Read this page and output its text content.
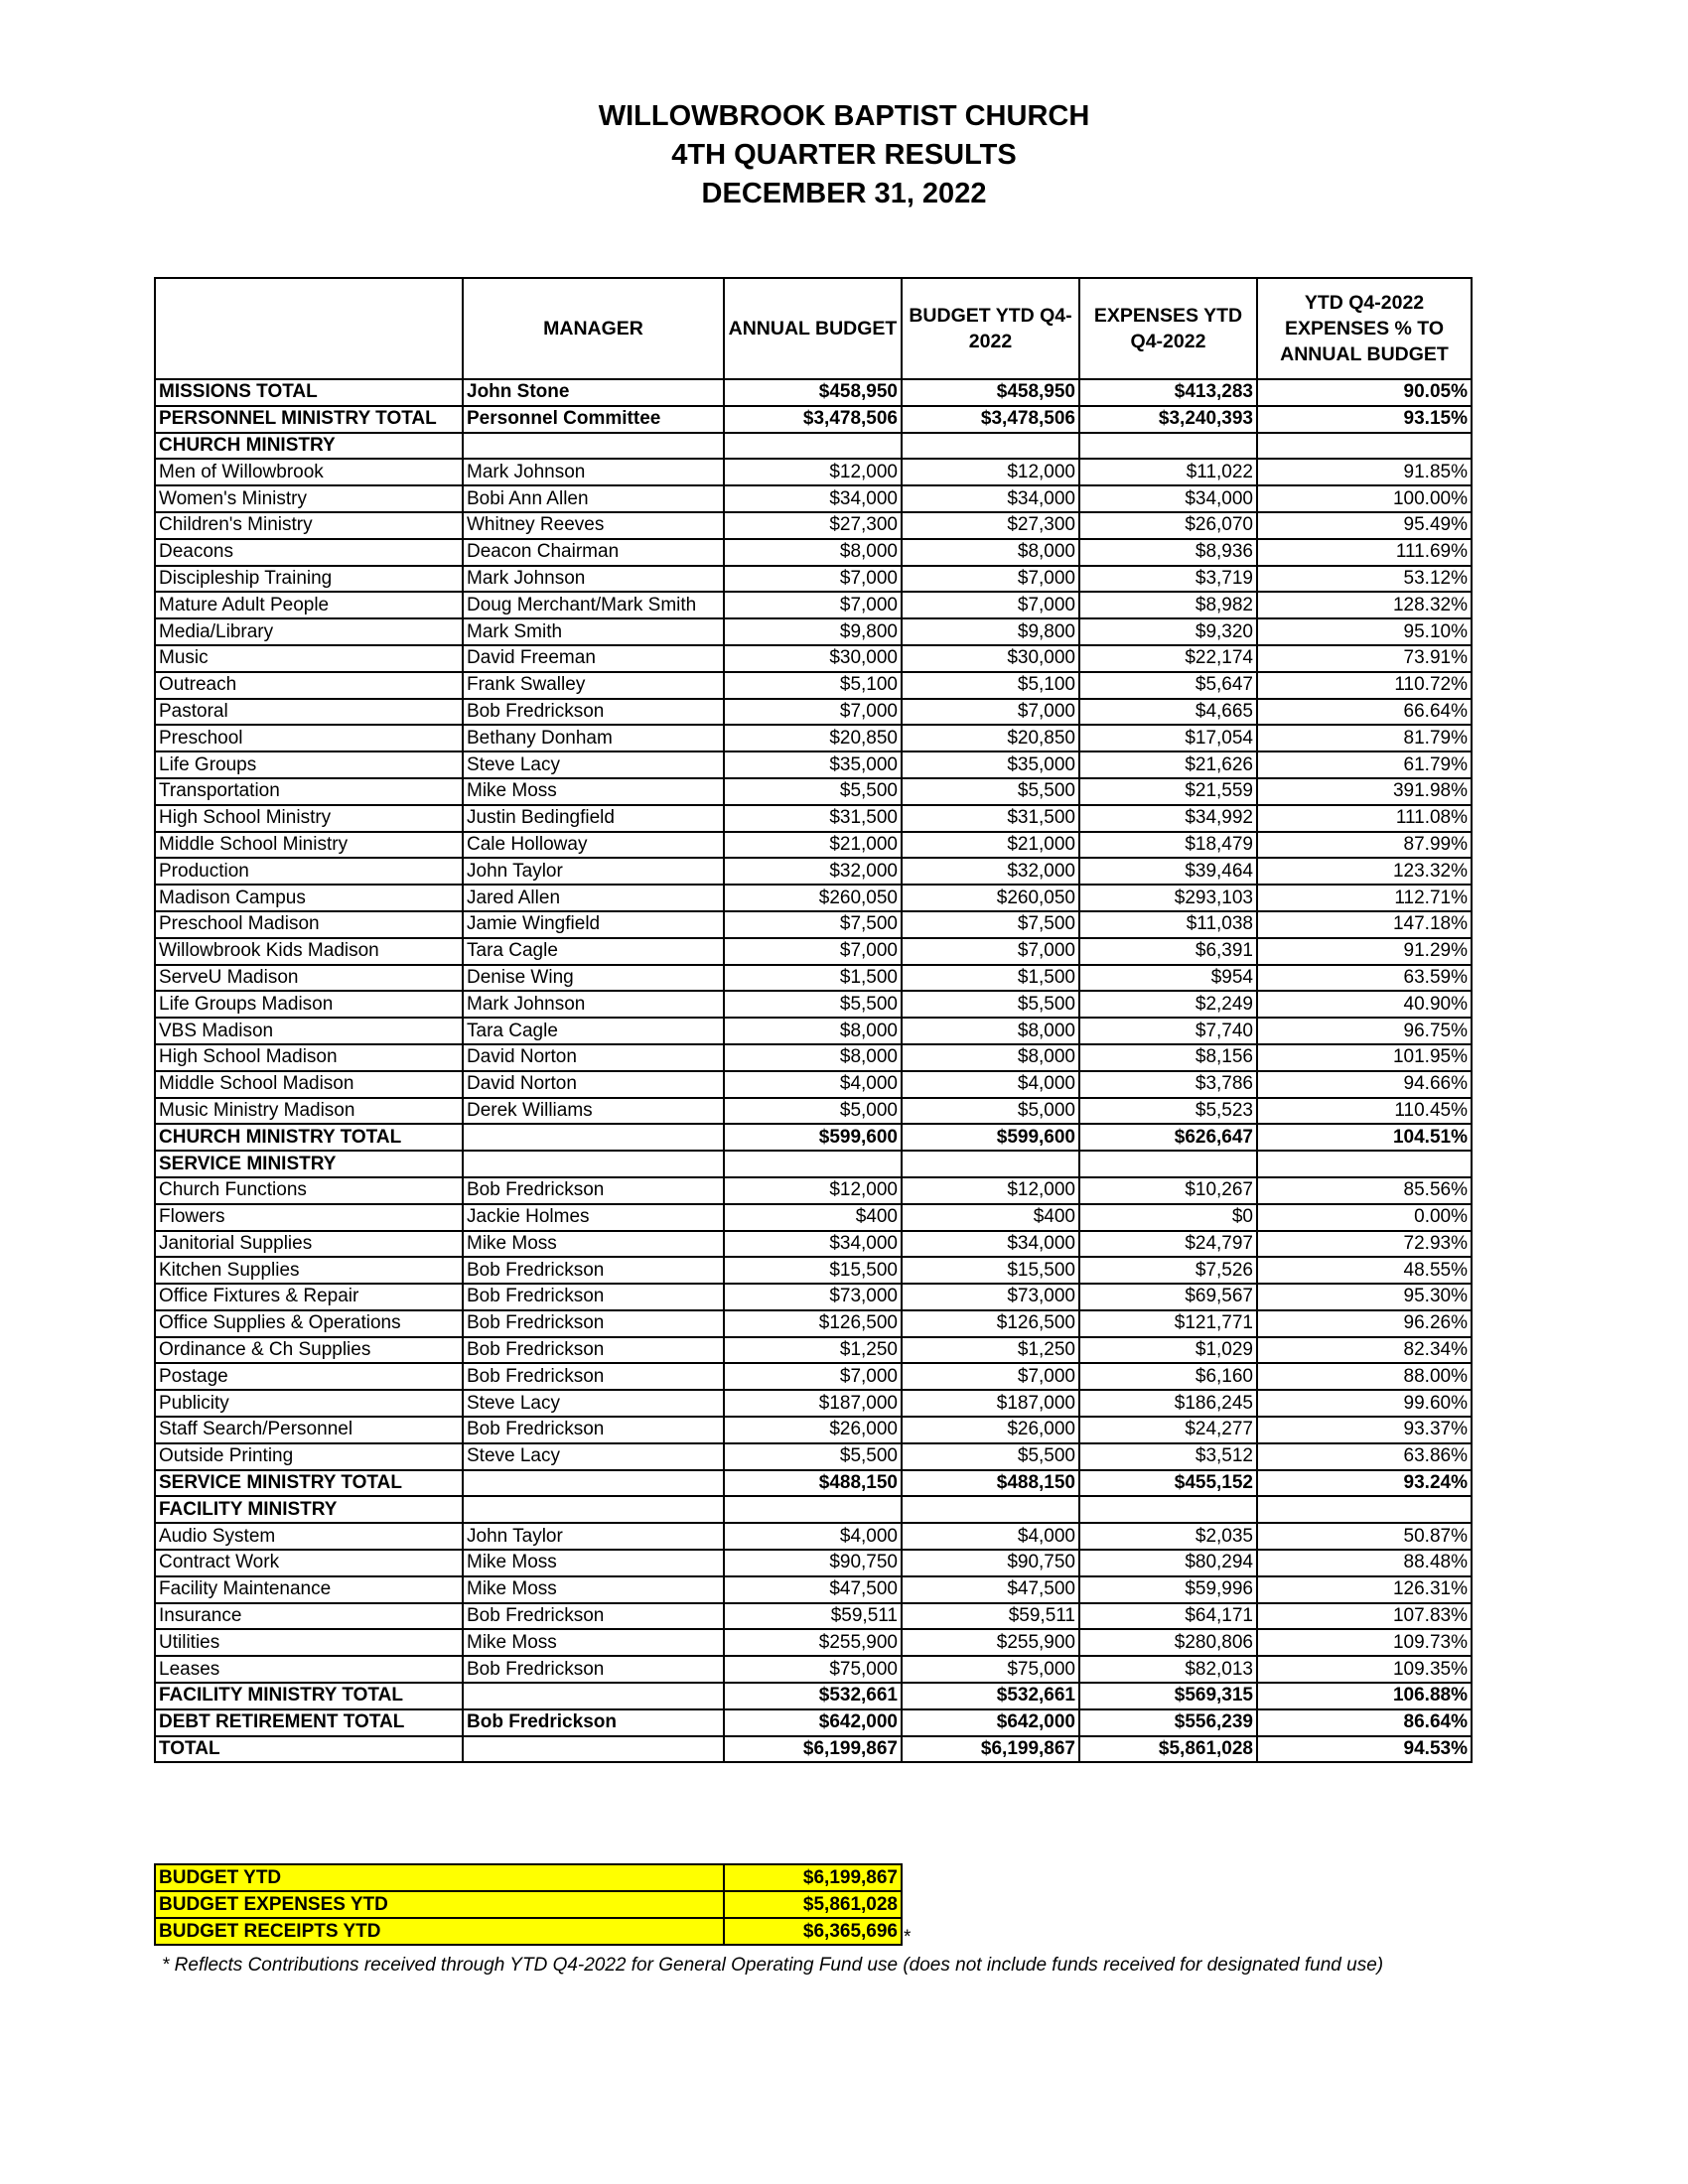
WILLOWBROOK BAPTIST CHURCH
4TH QUARTER RESULTS
DECEMBER 31, 2022
	MANAGER	ANNUAL BUDGET	BUDGET YTD Q4-2022	EXPENSES YTD Q4-2022	YTD Q4-2022 EXPENSES % TO ANNUAL BUDGET
MISSIONS TOTAL	John Stone	$458,950	$458,950	$413,283	90.05%
PERSONNEL MINISTRY TOTAL	Personnel Committee	$3,478,506	$3,478,506	$3,240,393	93.15%
CHURCH MINISTRY					
Men of Willowbrook	Mark Johnson	$12,000	$12,000	$11,022	91.85%
Women's Ministry	Bobi Ann Allen	$34,000	$34,000	$34,000	100.00%
Children's Ministry	Whitney Reeves	$27,300	$27,300	$26,070	95.49%
Deacons	Deacon Chairman	$8,000	$8,000	$8,936	111.69%
Discipleship Training	Mark Johnson	$7,000	$7,000	$3,719	53.12%
Mature Adult People	Doug Merchant/Mark Smith	$7,000	$7,000	$8,982	128.32%
Media/Library	Mark Smith	$9,800	$9,800	$9,320	95.10%
Music	David Freeman	$30,000	$30,000	$22,174	73.91%
Outreach	Frank Swalley	$5,100	$5,100	$5,647	110.72%
Pastoral	Bob Fredrickson	$7,000	$7,000	$4,665	66.64%
Preschool	Bethany Donham	$20,850	$20,850	$17,054	81.79%
Life Groups	Steve Lacy	$35,000	$35,000	$21,626	61.79%
Transportation	Mike Moss	$5,500	$5,500	$21,559	391.98%
High School Ministry	Justin Bedingfield	$31,500	$31,500	$34,992	111.08%
Middle School Ministry	Cale Holloway	$21,000	$21,000	$18,479	87.99%
Production	John Taylor	$32,000	$32,000	$39,464	123.32%
Madison Campus	Jared Allen	$260,050	$260,050	$293,103	112.71%
Preschool Madison	Jamie Wingfield	$7,500	$7,500	$11,038	147.18%
Willowbrook Kids Madison	Tara Cagle	$7,000	$7,000	$6,391	91.29%
ServeU Madison	Denise Wing	$1,500	$1,500	$954	63.59%
Life Groups Madison	Mark Johnson	$5,500	$5,500	$2,249	40.90%
VBS Madison	Tara Cagle	$8,000	$8,000	$7,740	96.75%
High School Madison	David Norton	$8,000	$8,000	$8,156	101.95%
Middle School Madison	David Norton	$4,000	$4,000	$3,786	94.66%
Music Ministry Madison	Derek Williams	$5,000	$5,000	$5,523	110.45%
CHURCH MINISTRY TOTAL		$599,600	$599,600	$626,647	104.51%
SERVICE MINISTRY					
Church Functions	Bob Fredrickson	$12,000	$12,000	$10,267	85.56%
Flowers	Jackie Holmes	$400	$400	$0	0.00%
Janitorial Supplies	Mike Moss	$34,000	$34,000	$24,797	72.93%
Kitchen Supplies	Bob Fredrickson	$15,500	$15,500	$7,526	48.55%
Office Fixtures & Repair	Bob Fredrickson	$73,000	$73,000	$69,567	95.30%
Office Supplies & Operations	Bob Fredrickson	$126,500	$126,500	$121,771	96.26%
Ordinance & Ch Supplies	Bob Fredrickson	$1,250	$1,250	$1,029	82.34%
Postage	Bob Fredrickson	$7,000	$7,000	$6,160	88.00%
Publicity	Steve Lacy	$187,000	$187,000	$186,245	99.60%
Staff Search/Personnel	Bob Fredrickson	$26,000	$26,000	$24,277	93.37%
Outside Printing	Steve Lacy	$5,500	$5,500	$3,512	63.86%
SERVICE MINISTRY TOTAL		$488,150	$488,150	$455,152	93.24%
FACILITY MINISTRY					
Audio System	John Taylor	$4,000	$4,000	$2,035	50.87%
Contract Work	Mike Moss	$90,750	$90,750	$80,294	88.48%
Facility Maintenance	Mike Moss	$47,500	$47,500	$59,996	126.31%
Insurance	Bob Fredrickson	$59,511	$59,511	$64,171	107.83%
Utilities	Mike Moss	$255,900	$255,900	$280,806	109.73%
Leases	Bob Fredrickson	$75,000	$75,000	$82,013	109.35%
FACILITY MINISTRY TOTAL		$532,661	$532,661	$569,315	106.88%
DEBT RETIREMENT TOTAL	Bob Fredrickson	$642,000	$642,000	$556,239	86.64%
TOTAL		$6,199,867	$6,199,867	$5,861,028	94.53%
BUDGET YTD	$6,199,867
BUDGET EXPENSES YTD	$5,861,028
BUDGET RECEIPTS YTD	$6,365,696 *
* Reflects Contributions received through YTD Q4-2022 for General Operating Fund use (does not include funds received for designated fund use)
